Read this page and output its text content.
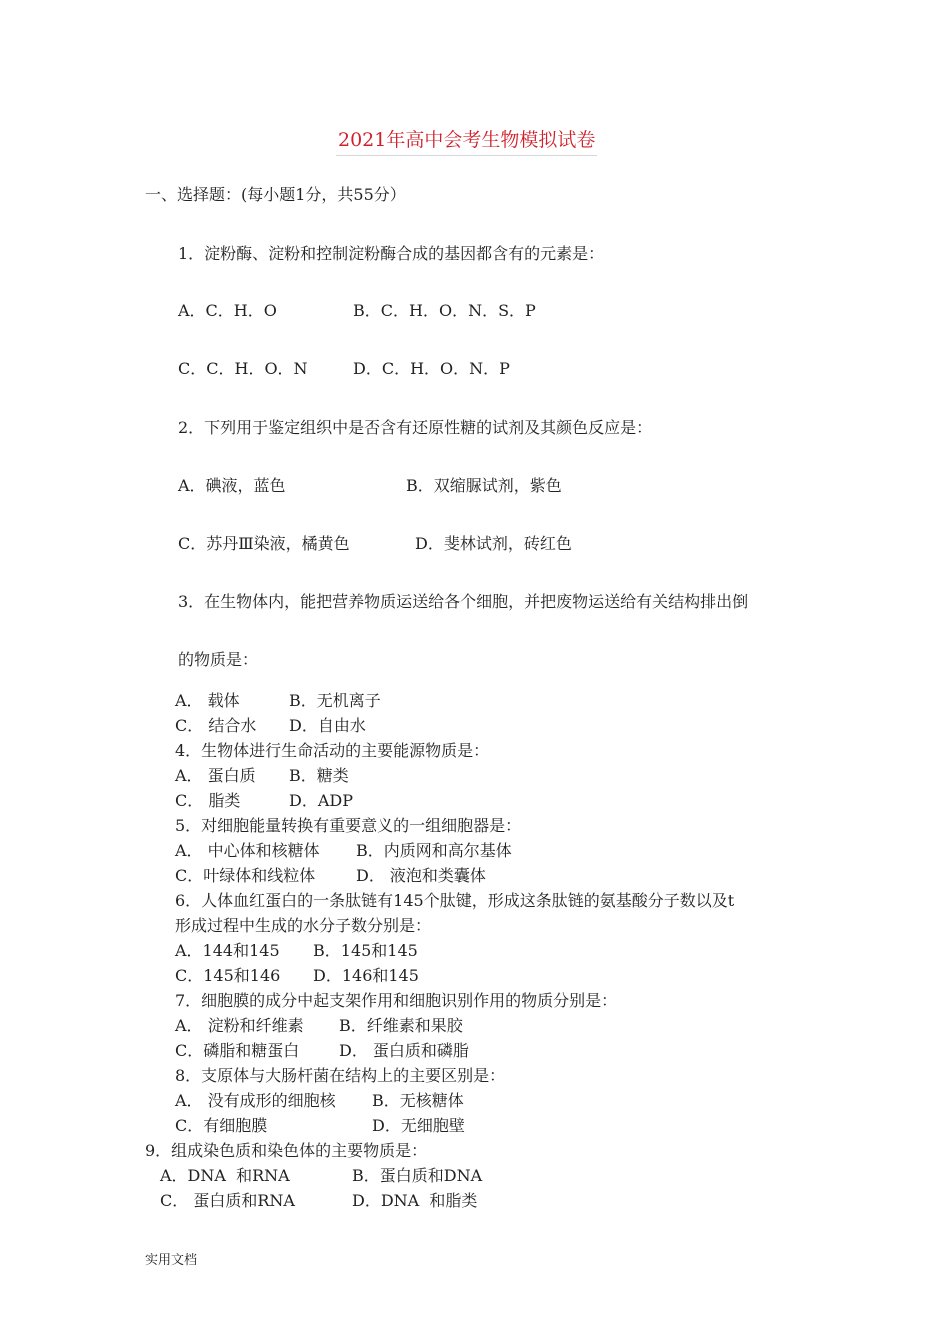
2021年高中会考生物模拟试卷
一、选择题：(每小题1分，共55分）
1．淀粉酶、淀粉和控制淀粉酶合成的基因都含有的元素是：
A．C．H．O	B．C．H．O．N．S．P
C．C．H．O．N	D．C．H．O．N．P
2．下列用于鉴定组织中是否含有还原性糖的试剂及其颜色反应是：
A．碘液，蓝色	B．双缩脲试剂，紫色
C．苏丹Ⅲ染液，橘黄色	D．斐林试剂，砖红色
3．在生物体内，能把营养物质运送给各个细胞，并把废物运送给有关结构排出倒
的物质是：
A． 载体	B．无机离子
C． 结合水 D．自由水
4．生物体进行生命活动的主要能源物质是：
A． 蛋白质 B．糖类
C． 脂类	D．ADP
5．对细胞能量转换有重要意义的一组细胞器是：
A． 中心体和核糖体 B．内质网和高尔基体
C．叶绿体和线粒体	D． 液泡和类囊体
6．人体血红蛋白的一条肽链有145个肽键，形成这条肽链的氨基酸分子数以及t
形成过程中生成的水分子数分别是：
A．144和145 B．145和145
C．145和146 D．146和145
7．细胞膜的成分中起支架作用和细胞识别作用的物质分别是：
A． 淀粉和纤维素 B．纤维素和果胶
C．磷脂和糖蛋白 D． 蛋白质和磷脂
8．支原体与大肠杆菌在结构上的主要区别是：
A． 没有成形的细胞核 B．无核糖体
C．有细胞膜	D．无细胞壁
9．组成染色质和染色体的主要物质是：
A．DNA  和RNA	B．蛋白质和DNA
C． 蛋白质和RNA	D．DNA  和脂类
实用文档
